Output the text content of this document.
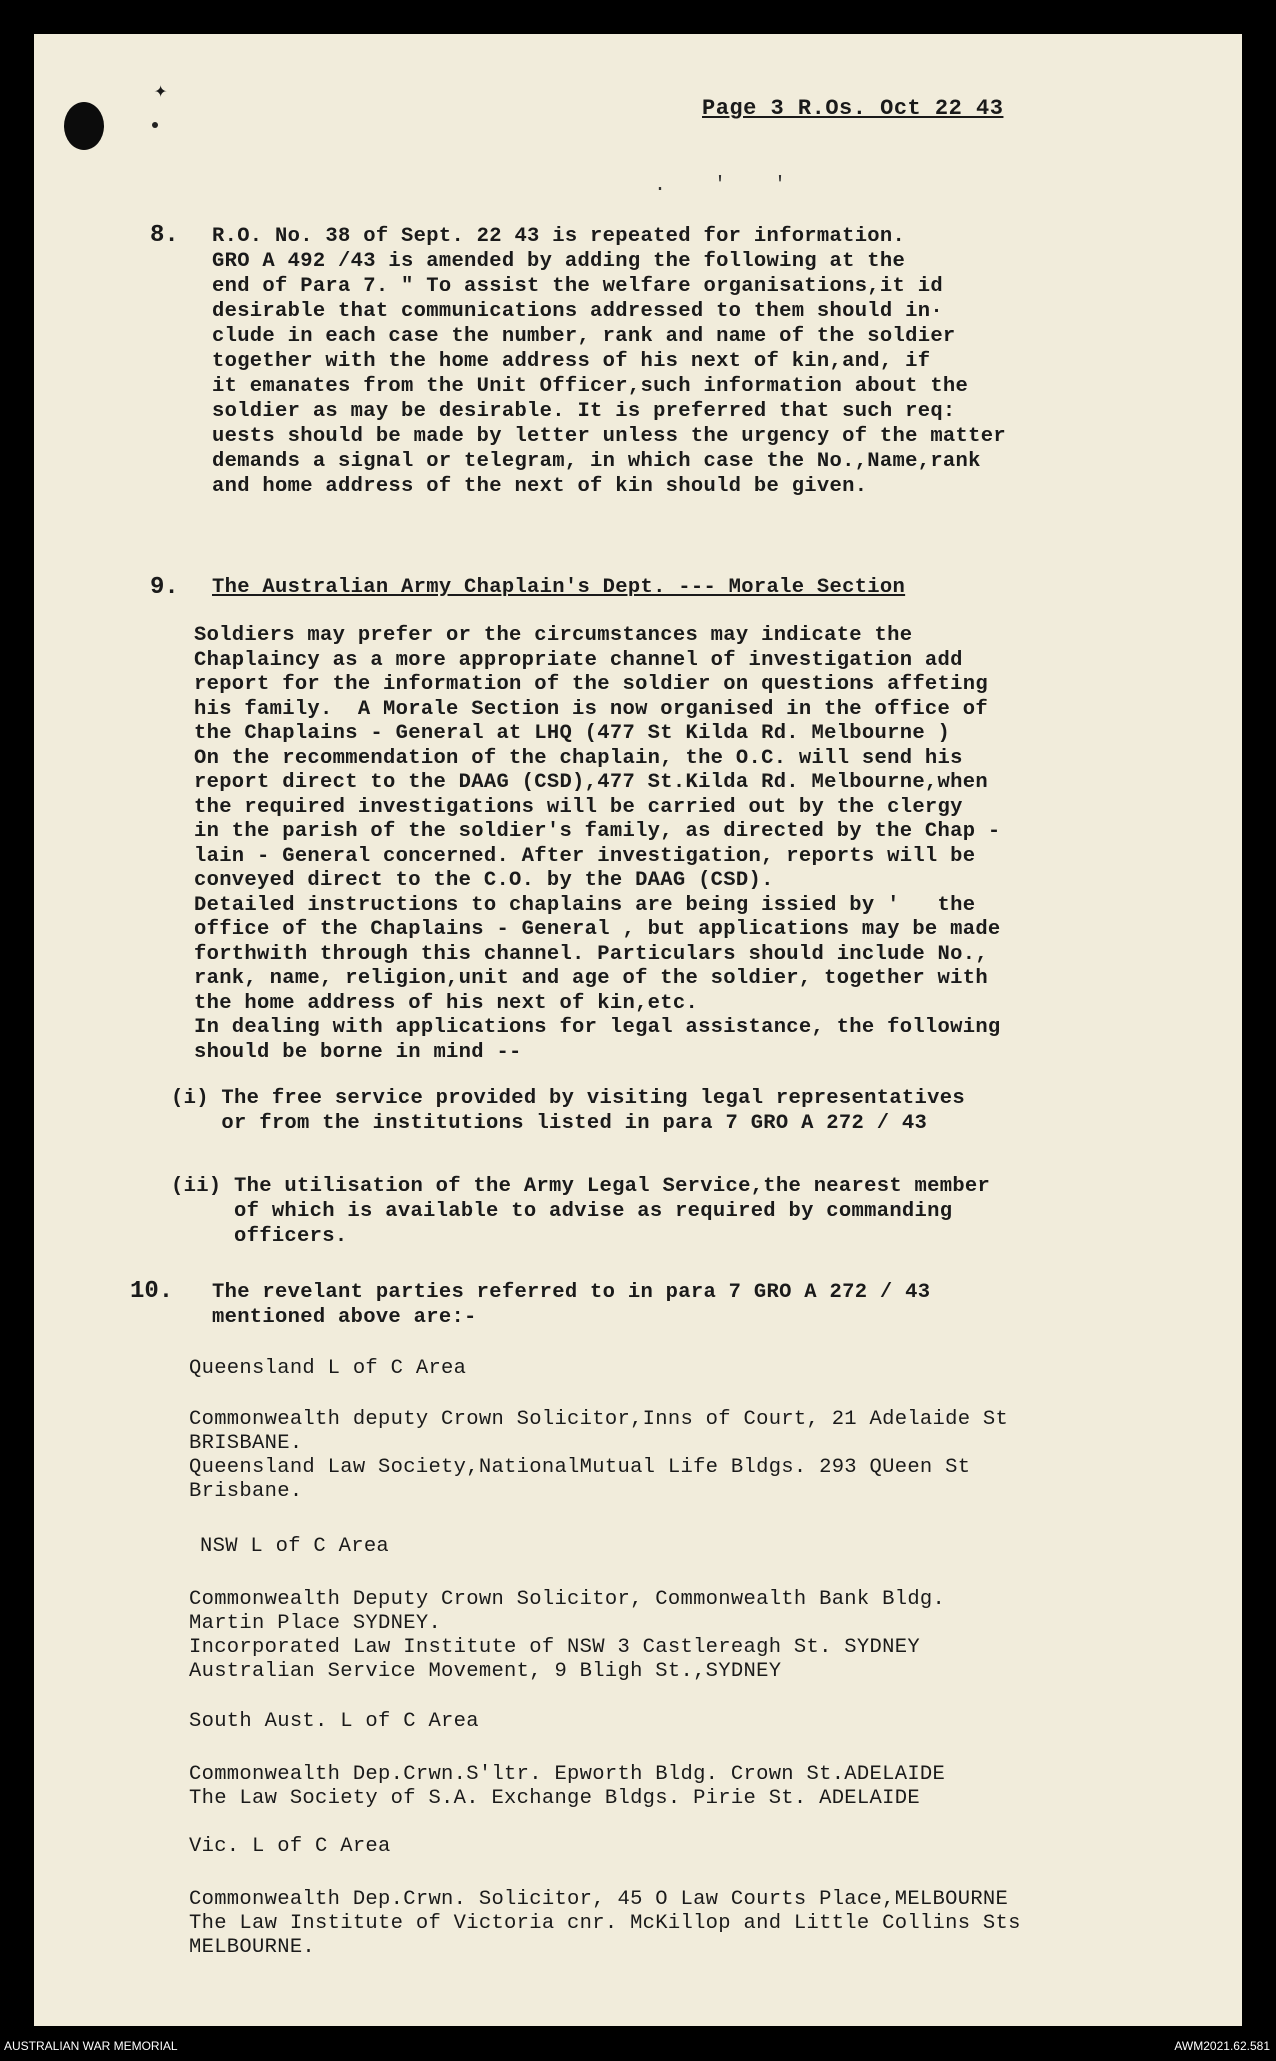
✦
Page 3 R.Os. Oct 22 43
. ' '
8. R.O. No. 38 of Sept. 22 43 is repeated for information.
GRO A 492 /43 is amended by adding the following at the
end of Para 7. " To assist the welfare organisations,it id
desirable that communications addressed to them should in·
clude in each case the number, rank and name of the soldier
together with the home address of his next of kin,and, if
it emanates from the Unit Officer,such information about the
soldier as may be desirable. It is preferred that such req:
uests should be made by letter unless the urgency of the matter
demands a signal or telegram, in which case the No.,Name,rank
and home address of the next of kin should be given.
9. The Australian Army Chaplain's Dept. --- Morale Section
Soldiers may prefer or the circumstances may indicate the
Chaplaincy as a more appropriate channel of investigation add
report for the information of the soldier on questions affeting
his family.  A Morale Section is now organised in the office of
the Chaplains - General at LHQ (477 St Kilda Rd. Melbourne )
On the recommendation of the chaplain, the O.C. will send his
report direct to the DAAG (CSD),477 St.Kilda Rd. Melbourne,when
the required investigations will be carried out by the clergy
in the parish of the soldier's family, as directed by the Chap -
lain - General concerned. After investigation, reports will be
conveyed direct to the C.O. by the DAAG (CSD).
Detailed instructions to chaplains are being issied by '   the
office of the Chaplains - General , but applications may be made
forthwith through this channel. Particulars should include No.,
rank, name, religion,unit and age of the soldier, together with
the home address of his next of kin,etc.
In dealing with applications for legal assistance, the following
should be borne in mind --
(i) The free service provided by visiting legal representatives
or from the institutions listed in para 7 GRO A 272 / 43
(ii) The utilisation of the Army Legal Service,the nearest member
of which is available to advise as required by commanding
officers.
10. The revelant parties referred to in para 7 GRO A 272 / 43
mentioned above are:-
Queensland L of C Area
Commonwealth deputy Crown Solicitor,Inns of Court, 21 Adelaide St
BRISBANE.
Queensland Law Society,NationalMutual Life Bldgs. 293 QUeen St
Brisbane.
NSW L of C Area
Commonwealth Deputy Crown Solicitor, Commonwealth Bank Bldg.
Martin Place SYDNEY.
Incorporated Law Institute of NSW 3 Castlereagh St. SYDNEY
Australian Service Movement, 9 Bligh St.,SYDNEY
South Aust. L of C Area
Commonwealth Dep.Crwn.S'ltr. Epworth Bldg. Crown St.ADELAIDE
The Law Society of S.A. Exchange Bldgs. Pirie St. ADELAIDE
Vic. L of C Area
Commonwealth Dep.Crwn. Solicitor, 45 O Law Courts Place,MELBOURNE
The Law Institute of Victoria cnr. McKillop and Little Collins Sts
MELBOURNE.
AUSTRALIAN WAR MEMORIAL	AWM2021.62.581
